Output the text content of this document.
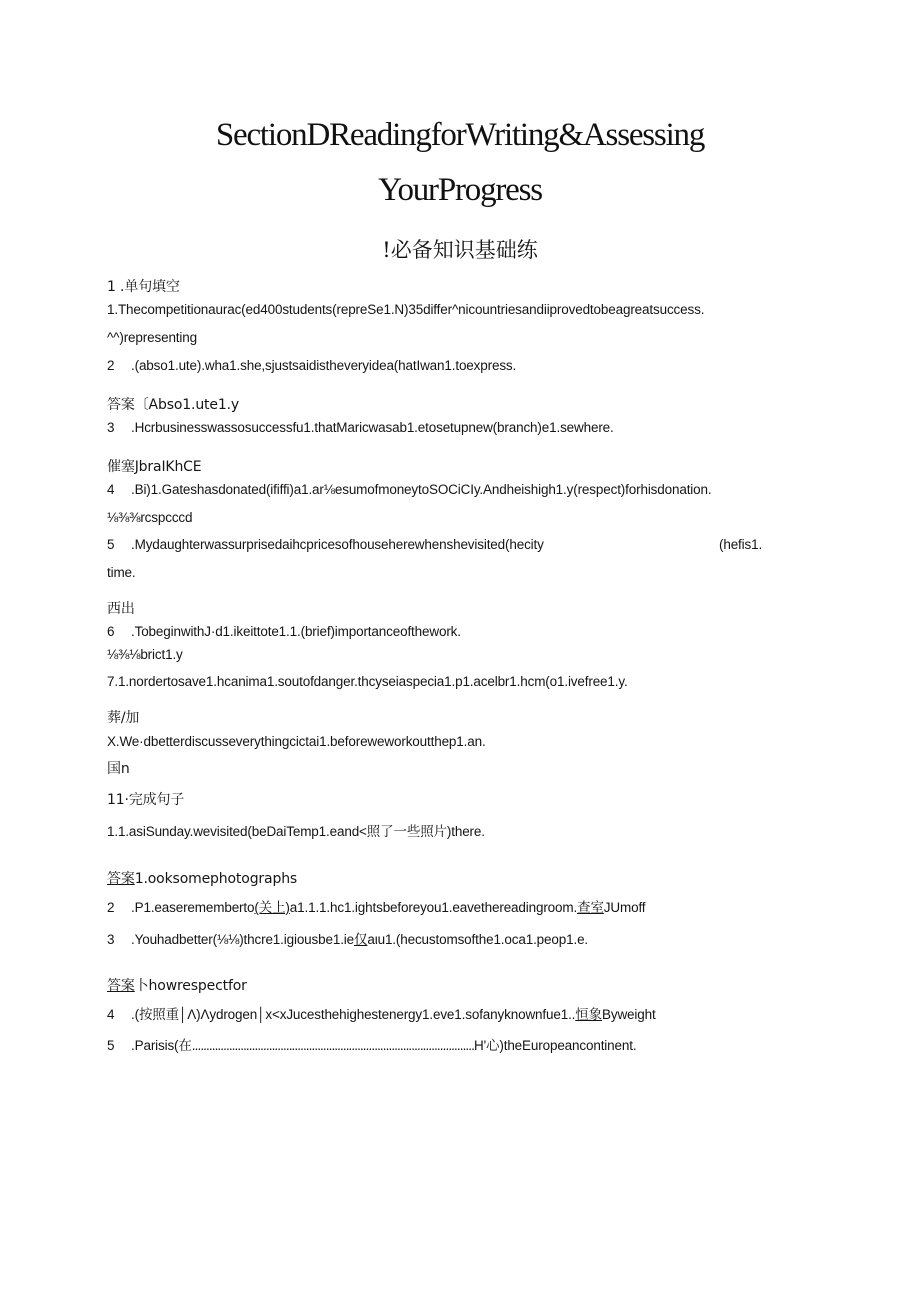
SectionDReadingforWriting&Assessing
YourProgress
!必备知识基础练
1 .单句填空
1.Thecompetitionaurac(ed400students(repreSe1.N)35differ^nicountriesandiiprovedtobeagreatsuccess.
^^)representing
2 .(abso1.ute).wha1.she,sjustsaidistheveryidea(hatIwan1.toexpress.
答案〔Abso1.ute1.y
3 .Hcrbusinesswassosuccessfu1.thatMaricwasab1.etosetupnew(branch)e1.sewhere.
催塞JbraIKhCE
4 .Bi)1.Gateshasdonated(ififfi)a1.ar⅛esumofmoneytoSOCiCIy.Andheishigh1.y(respect)forhisdonation.
⅛⅜⅜rcspcccd
5 .Mydaughterwassurprisedaihcpricesofhouseherewhenshevisited(hecity	(hefis1.
time.
西出
6 .TobeginwithJ·d1.ikeittote1.1.(brief)importanceofthework.
⅛⅜⅛brict1.y
7.1.nordertosave1.hcanima1.soutofdanger.thcyseiaspecia1.p1.acelbr1.hcm(o1.ivefree1.y.
葬/加
X.We·dbetterdiscusseverythingcictai1.beforeweworkoutthep1.an.
国n
11·完成句子
1.1.asiSunday.wevisited(beDaiTemp1.eand<照了一些照片)there.
答案1.ooksomephotographs
2 .P1.easeremembertο(关上)a1.1.1.hc1.ightsbeforeyou1.eavethereadingroom.查室JUmoff
3 .Youhadbetter(⅛⅛)thcre1.igiousbe1.ie仅aιu1.(hecustomsofthe1.oca1.peop1.e.
答案卜howrespectfor
4 .(按照重│Λ)Λydrogen│x<xJucesthehighestenergy1.eve1.sofanyknownfue1..恒象Byweight
5 .Parisis(在...................................................................................................H'心)theEuropeancontinent.
